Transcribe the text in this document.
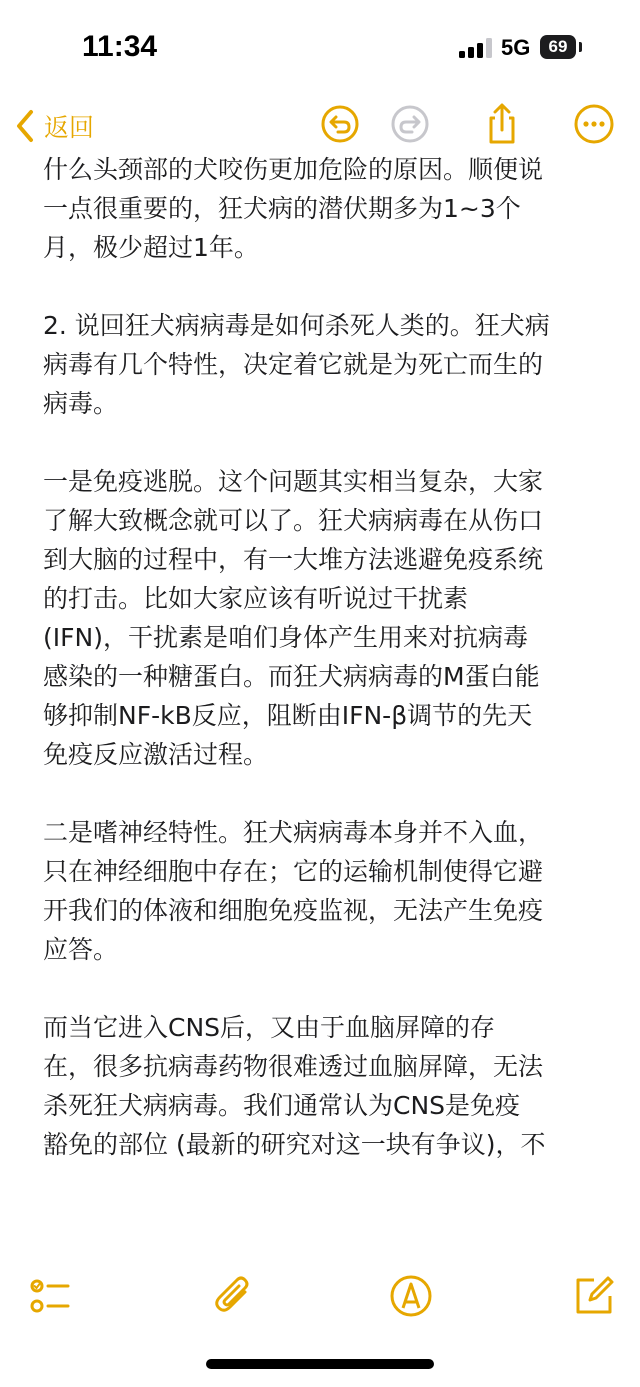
11:34	5G	69
返回

什么头颈部的犬咬伤更加危险的原因。顺便说
一点很重要的，狂犬病的潜伏期多为1~3个
月，极少超过1年。

2. 说回狂犬病病毒是如何杀死人类的。狂犬病
病毒有几个特性，决定着它就是为死亡而生的
病毒。

一是免疫逃脱。这个问题其实相当复杂，大家
了解大致概念就可以了。狂犬病病毒在从伤口
到大脑的过程中，有一大堆方法逃避免疫系统
的打击。比如大家应该有听说过干扰素
(IFN)，干扰素是咱们身体产生用来对抗病毒
感染的一种糖蛋白。而狂犬病病毒的M蛋白能
够抑制NF-kB反应，阻断由IFN-β调节的先天
免疫反应激活过程。

二是嗜神经特性。狂犬病病毒本身并不入血，
只在神经细胞中存在；它的运输机制使得它避
开我们的体液和细胞免疫监视，无法产生免疫
应答。

而当它进入CNS后，又由于血脑屏障的存
在，很多抗病毒药物很难透过血脑屏障，无法
杀死狂犬病病毒。我们通常认为CNS是免疫
豁免的部位 (最新的研究对这一块有争议)，不
